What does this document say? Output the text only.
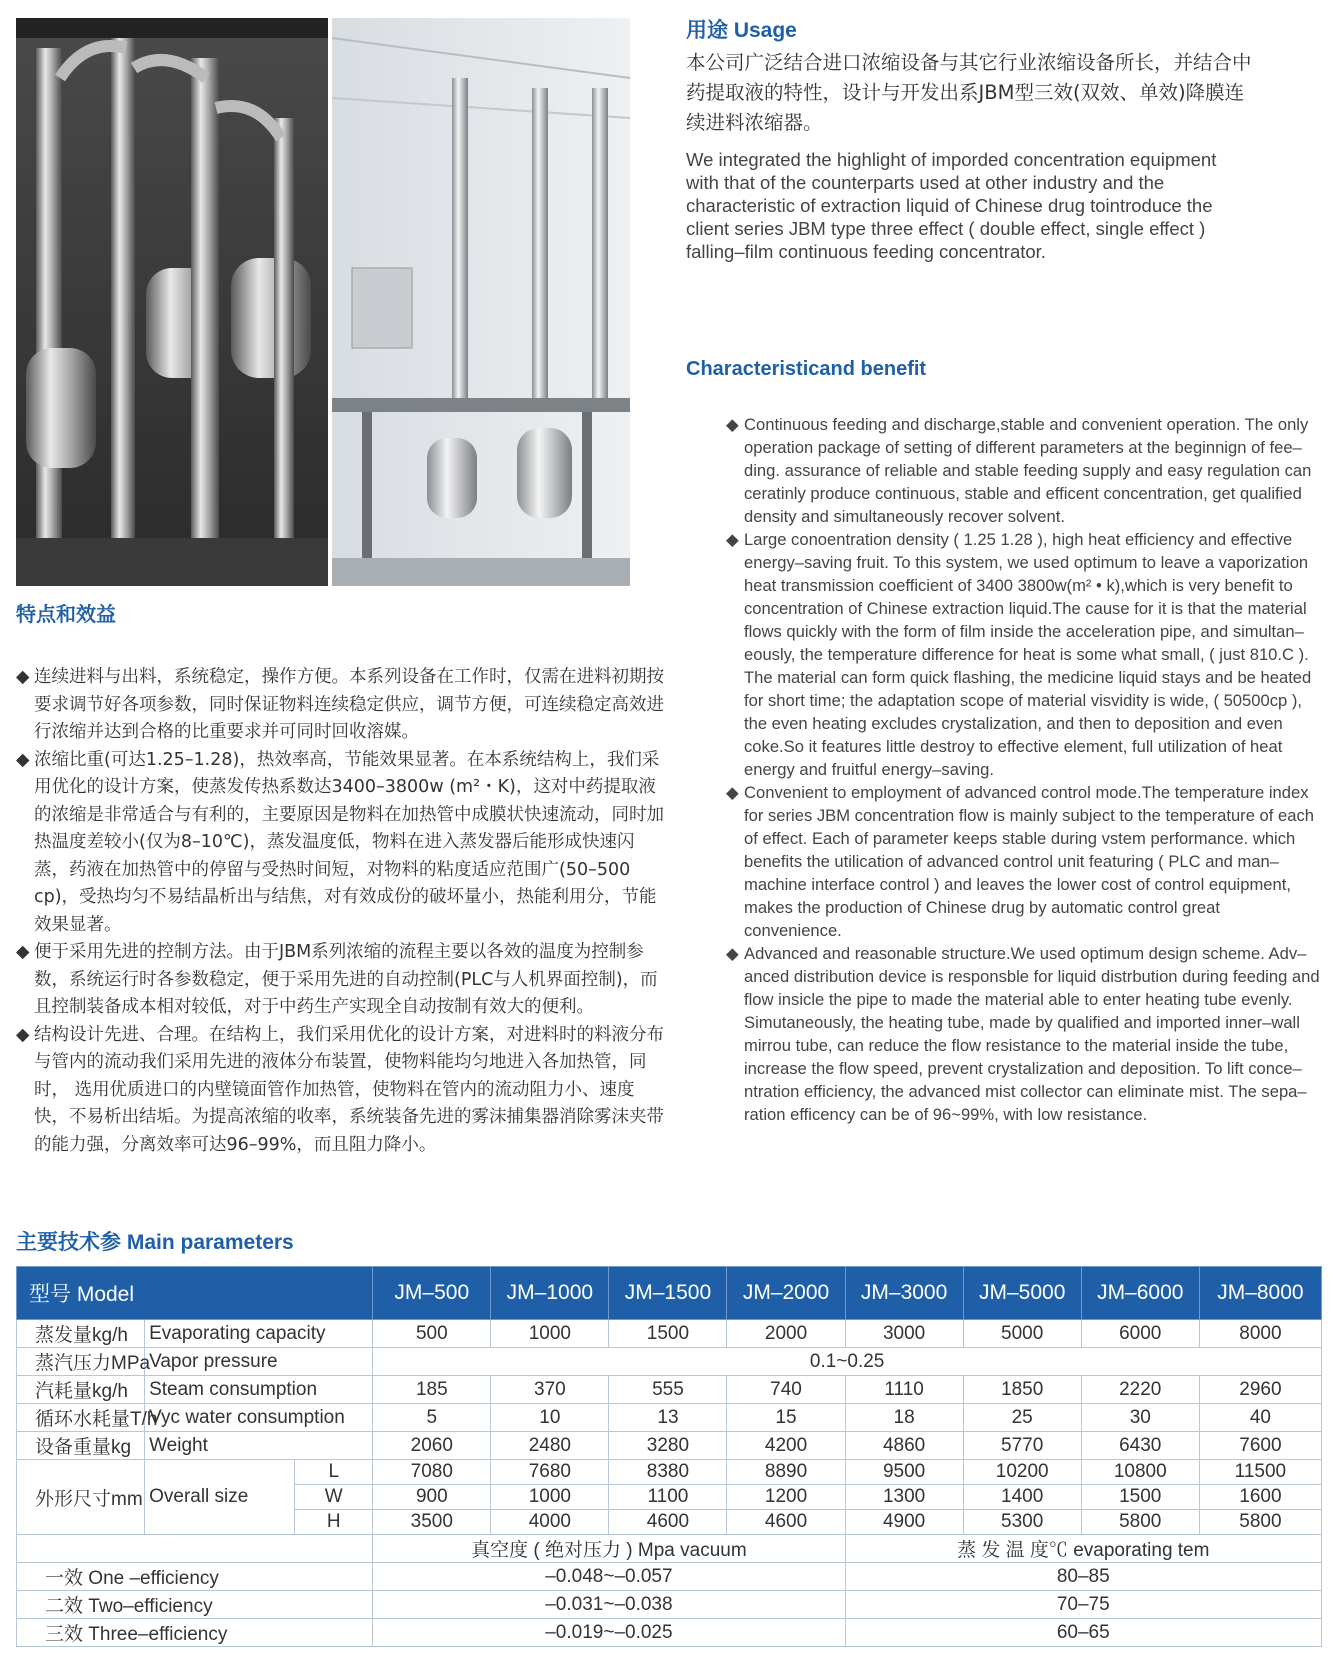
用途 Usage
本公司广泛结合进口浓缩设备与其它行业浓缩设备所长，并结合中药提取液的特性，设计与开发出系JBM型三效(双效、单效)降膜连续进料浓缩器。
We integrated the highlight of imporded concentration equipment with that of the counterparts used at other industry and the characteristic of extraction liquid of Chinese drug tointroduce the client series JBM type three effect ( double effect, single effect ) falling–film continuous feeding concentrator.
Characteristicand benefit
◆ Continuous feeding and discharge,stable and convenient operation. The only operation package of setting of different parameters at the beginnign of fee–ding. assurance of reliable and stable feeding supply and easy regulation can ceratinly produce continuous, stable and efficent concentration, get qualified density and simultaneously recover solvent.
◆ Large conoentration density ( 1.25 1.28 ), high heat efficiency and effective energy–saving fruit. To this system, we used optimum to leave a vaporization heat transmission coefficient of 3400 3800w(m² • k),which is very benefit to concentration of Chinese extraction liquid.The cause for it is that the material flows quickly with the form of film inside the acceleration pipe, and simultan–eously, the temperature difference for heat is some what small, ( just 810.C ). The material can form quick flashing, the medicine liquid stays and be heated for short time; the adaptation scope of material visvidity is wide, ( 50500cp ), the even heating excludes crystalization, and then to deposition and even coke.So it features little destroy to effective element, full utilization of heat energy and fruitful energy–saving.
◆ Convenient to employment of advanced control mode.The temperature index for series JBM concentration flow is mainly subject to the temperature of each of effect. Each of parameter keeps stable during vstem performance. which benefits the utilication of advanced control unit featuring ( PLC and man–machine interface control ) and leaves the lower cost of control equipment, makes the production of Chinese drug by automatic control great convenience.
◆ Advanced and reasonable structure.We used optimum design scheme. Adv–anced distribution device is responsble for liquid distrbution during feeding and flow insicle the pipe to made the material able to enter heating tube evenly. Simutaneously, the heating tube, made by qualified and imported inner–wall mirrou tube, can reduce the flow resistance to the material inside the tube, increase the flow speed, prevent crystalization and deposition. To lift conce–ntration efficiency, the advanced mist collector can eliminate mist. The sepa–ration efficency can be of 96~99%, with low resistance.
特点和效益
◆ 连续进料与出料，系统稳定，操作方便。本系列设备在工作时，仅需在进料初期按要求调节好各项参数，同时保证物料连续稳定供应，调节方便，可连续稳定高效进行浓缩并达到合格的比重要求并可同时回收溶媒。
◆ 浓缩比重(可达1.25–1.28)，热效率高，节能效果显著。在本系统结构上，我们采用优化的设计方案，使蒸发传热系数达3400–3800w (m²・K)，这对中药提取液的浓缩是非常适合与有利的，主要原因是物料在加热管中成膜状快速流动，同时加热温度差较小(仅为8–10℃)，蒸发温度低，物料在进入蒸发器后能形成快速闪蒸，药液在加热管中的停留与受热时间短，对物料的粘度适应范围广(50–500 cp)，受热均匀不易结晶析出与结焦，对有效成份的破坏量小，热能利用分，节能效果显著。
◆ 便于采用先进的控制方法。由于JBM系列浓缩的流程主要以各效的温度为控制参数，系统运行时各参数稳定，便于采用先进的自动控制(PLC与人机界面控制)，而且控制装备成本相对较低，对于中药生产实现全自动按制有效大的便利。
◆ 结构设计先进、合理。在结构上，我们采用优化的设计方案，对进料时的料液分布与管内的流动我们采用先进的液体分布装置，使物料能均匀地进入各加热管，同时， 选用优质进口的内壁镜面管作加热管，使物料在管内的流动阻力小、速度快，不易析出结垢。为提高浓缩的收率，系统装备先进的雾沫捕集器消除雾沫夹带的能力强，分离效率可达96–99%，而且阻力降小。
主要技术参 Main parameters
型号 Model			JM–500	JM–1000	JM–1500	JM–2000	JM–3000	JM–5000	JM–6000	JM–8000
蒸发量kg/h	Evaporating capacity		500	1000	1500	2000	3000	5000	6000	8000
蒸汽压力MPa	Vapor pressure		0.1~0.25							
汽耗量kg/h	Steam consumption		185	370	555	740	1110	1850	2220	2960
循环水耗量T/h	Vyc water consumption		5	10	13	15	18	25	30	40
设备重量kg	Weight		2060	2480	3280	4200	4860	5770	6430	7600
外形尺寸mm	Overall size	L	7080	7680	8380	8890	9500	10200	10800	11500
		W	900	1000	1100	1200	1300	1400	1500	1600
		H	3500	4000	4600	4600	4900	5300	5800	5800
			真空度 ( 绝对压力 ) Mpa vacuum				蒸 发 温 度℃ evaporating tem			
一效 One –efficiency			–0.048~–0.057				80–85			
二效 Two–efficiency			–0.031~–0.038				70–75			
三效 Three–efficiency			–0.019~–0.025				60–65			
